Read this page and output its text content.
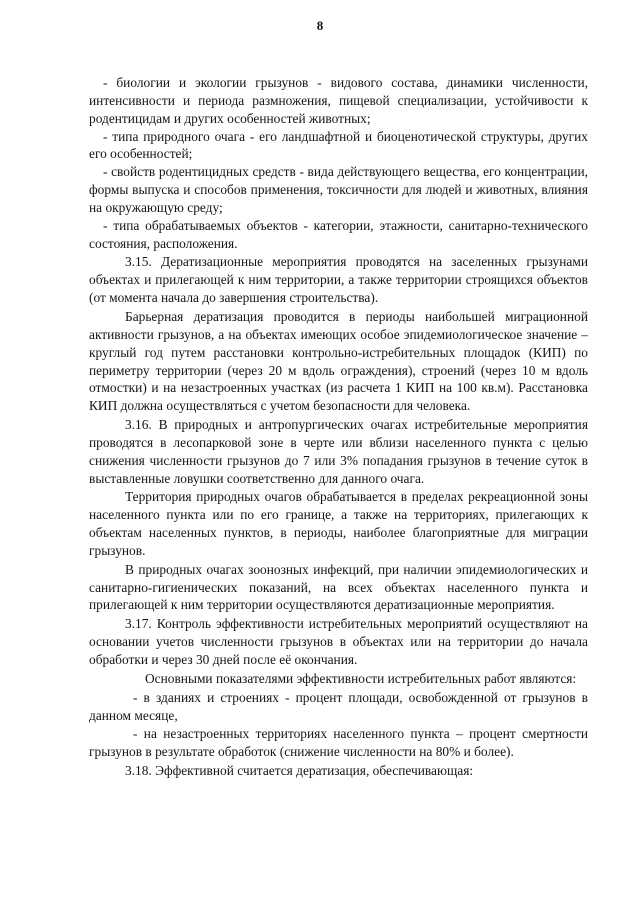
8

- биологии и экологии грызунов - видового состава, динамики численности, интенсивности и периода размножения, пищевой специализации, устойчивости к родентицидам и других особенностей животных;

- типа природного очага - его ландшафтной и биоценотической структуры, других его особенностей;

- свойств родентицидных средств - вида действующего вещества, его концентрации, формы выпуска и способов применения, токсичности для людей и животных, влияния на окружающую среду;

- типа обрабатываемых объектов - категории, этажности, санитарно-технического состояния, расположения.

3.15. Дератизационные мероприятия проводятся на заселенных грызунами объектах и прилегающей к ним территории, а также территории строящихся объектов (от момента начала до завершения строительства).

Барьерная дератизация проводится в периоды наибольшей миграционной активности грызунов, а на объектах имеющих особое эпидемиологическое значение – круглый год путем расстановки контрольно-истребительных площадок (КИП) по периметру территории (через 20 м вдоль ограждения), строений (через 10 м вдоль отмостки) и на незастроенных участках (из расчета 1 КИП на 100 кв.м). Расстановка КИП должна осуществляться с учетом безопасности для человека.

3.16. В природных и антропургических очагах истребительные мероприятия проводятся в лесопарковой зоне в черте или вблизи населенного пункта с целью снижения численности грызунов до 7 или 3% попадания грызунов в течение суток в выставленные ловушки соответственно для данного очага.

Территория природных очагов обрабатывается в пределах рекреационной зоны населенного пункта или по его границе, а также на территориях, прилегающих к объектам населенных пунктов, в периоды, наиболее благоприятные для миграции грызунов.

В природных очагах зоонозных инфекций, при наличии эпидемиологических и санитарно-гигиенических показаний, на всех объектах населенного пункта и прилегающей к ним территории осуществляются дератизационные мероприятия.

3.17. Контроль эффективности истребительных мероприятий осуществляют на основании учетов численности грызунов в объектах или на территории до начала обработки и через 30 дней после её окончания.

Основными показателями эффективности истребительных работ являются:

- в зданиях и строениях - процент площади, освобожденной от грызунов в данном месяце,

- на незастроенных территориях населенного пункта – процент смертности грызунов в результате обработок (снижение численности на 80% и более).

3.18. Эффективной считается дератизация, обеспечивающая:
